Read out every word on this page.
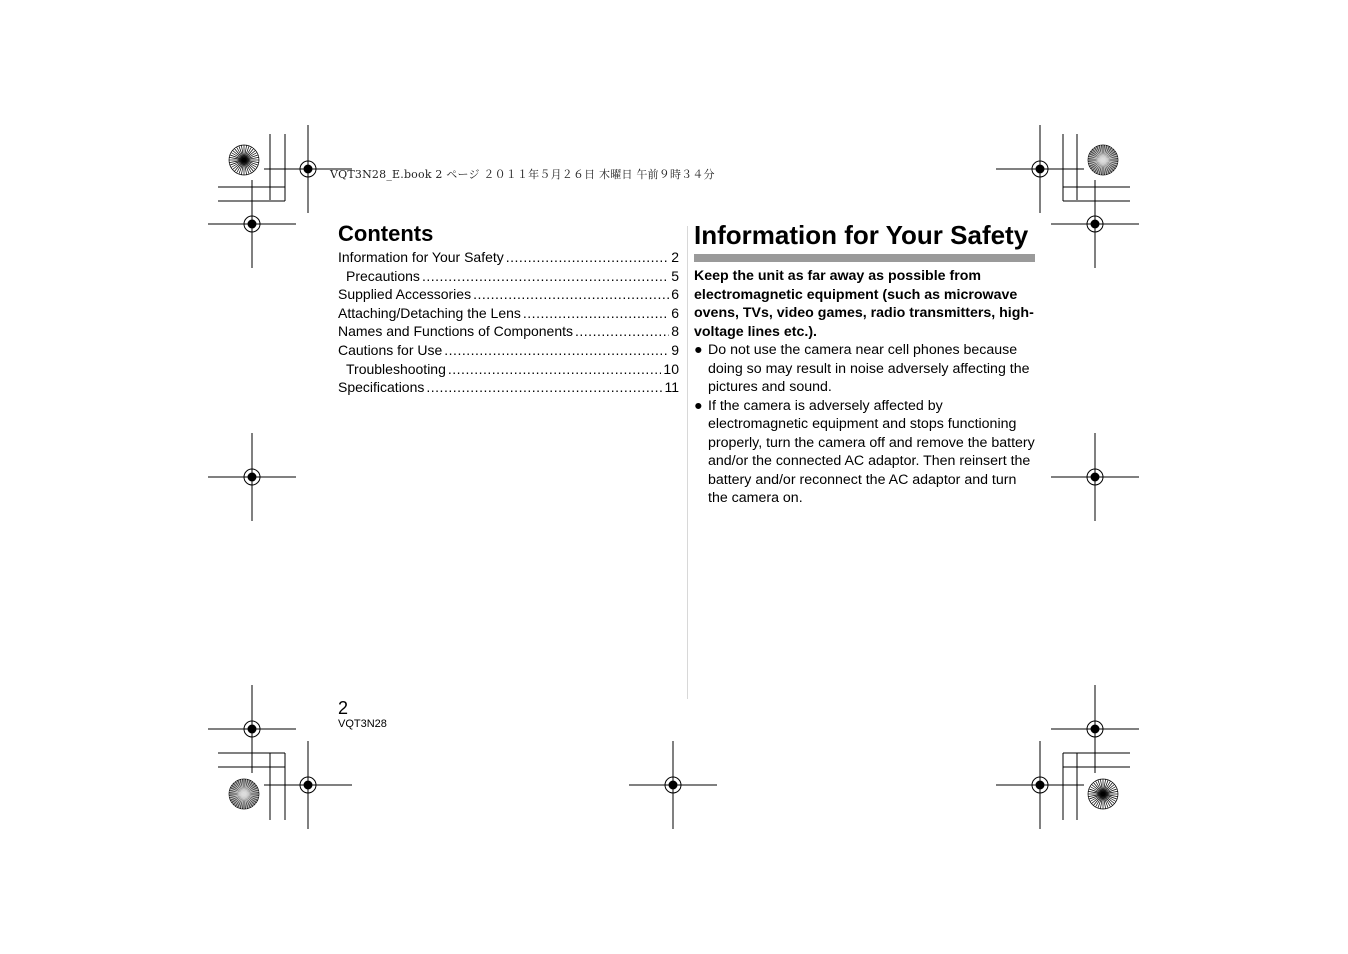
VQT3N28_E.book 2 ページ ２０１１年５月２６日 木曜日 午前９時３４分
Contents
Information for Your Safety .....	2
Precautions .....	5
Supplied Accessories .....	6
Attaching/Detaching the Lens .....	6
Names and Functions of Components .....	8
Cautions for Use .....	9
Troubleshooting .....	10
Specifications .....	11
Information for Your Safety
Keep the unit as far away as possible from electromagnetic equipment (such as microwave ovens, TVs, video games, radio transmitters, high-voltage lines etc.).
● Do not use the camera near cell phones because doing so may result in noise adversely affecting the pictures and sound.
● If the camera is adversely affected by electromagnetic equipment and stops functioning properly, turn the camera off and remove the battery and/or the connected AC adaptor. Then reinsert the battery and/or reconnect the AC adaptor and turn the camera on.
2
VQT3N28
